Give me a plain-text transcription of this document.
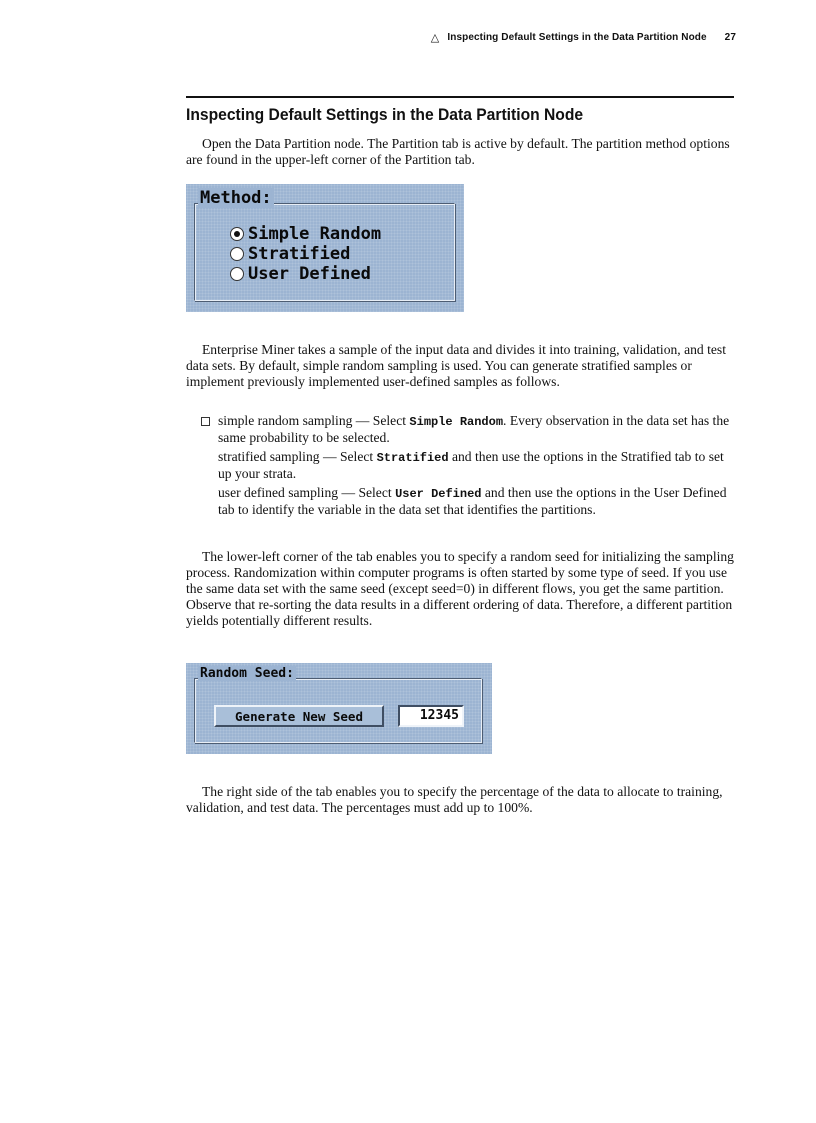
△ Inspecting Default Settings in the Data Partition Node 27
Inspecting Default Settings in the Data Partition Node

Open the Data Partition node. The Partition tab is active by default. The partition method options are found in the upper-left corner of the Partition tab.

Method:
Simple Random
Stratified
User Defined

Enterprise Miner takes a sample of the input data and divides it into training, validation, and test data sets. By default, simple random sampling is used. You can generate stratified samples or implement previously implemented user-defined samples as follows.

simple random sampling — Select Simple Random. Every observation in the data set has the same probability to be selected.
stratified sampling — Select Stratified and then use the options in the Stratified tab to set up your strata.
user defined sampling — Select User Defined and then use the options in the User Defined tab to identify the variable in the data set that identifies the partitions.

The lower-left corner of the tab enables you to specify a random seed for initializing the sampling process. Randomization within computer programs is often started by some type of seed. If you use the same data set with the same seed (except seed=0) in different flows, you get the same partition. Observe that re-sorting the data results in a different ordering of data. Therefore, a different partition yields potentially different results.

Random Seed:
Generate New Seed	12345

The right side of the tab enables you to specify the percentage of the data to allocate to training, validation, and test data. The percentages must add up to 100%.
